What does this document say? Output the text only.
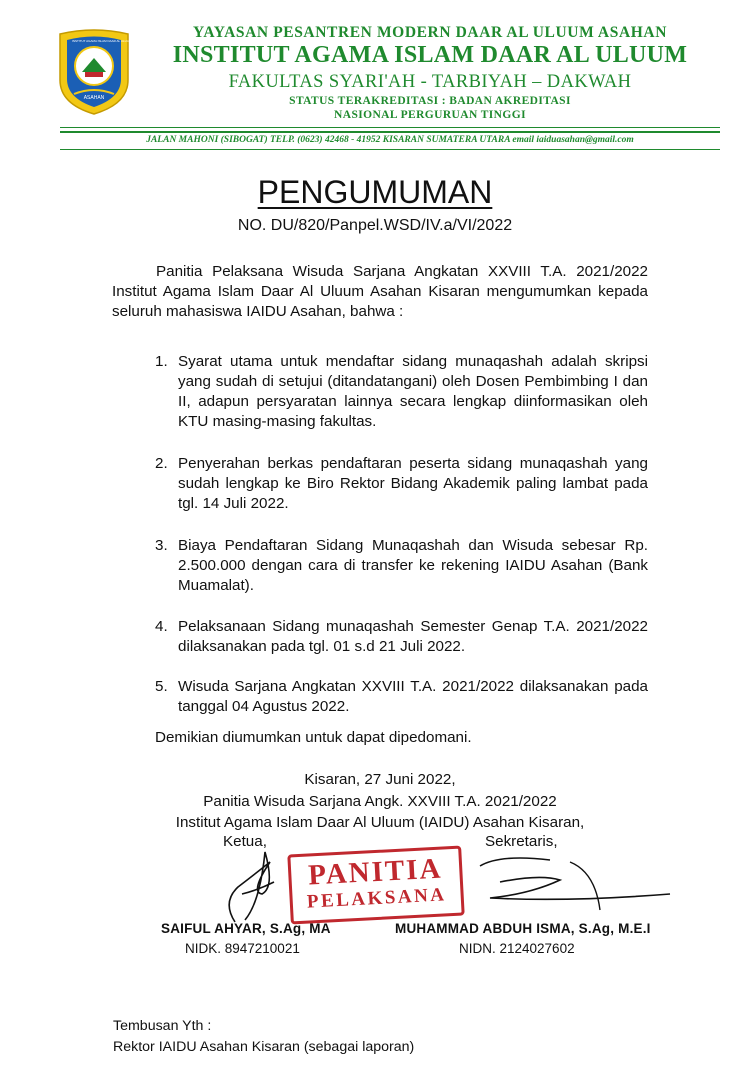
INSTITUT AGAMA ISLAM DAAR AL ULUUM
ASAHAN
YAYASAN PESANTREN MODERN DAAR AL ULUUM ASAHAN
INSTITUT AGAMA ISLAM DAAR AL ULUUM
FAKULTAS SYARI'AH - TARBIYAH – DAKWAH
STATUS TERAKREDITASI : BADAN AKREDITASI
NASIONAL PERGURUAN TINGGI
JALAN MAHONI (SIBOGAT) TELP. (0623) 42468 - 41952 KISARAN SUMATERA UTARA email iaiduasahan@gmail.com
PENGUMUMAN
NO. DU/820/Panpel.WSD/IV.a/VI/2022
Panitia Pelaksana Wisuda Sarjana Angkatan XXVIII T.A. 2021/2022 Institut Agama Islam Daar Al Uluum Asahan Kisaran mengumumkan kepada seluruh mahasiswa IAIDU Asahan, bahwa :
1. Syarat utama untuk mendaftar sidang munaqashah adalah skripsi yang sudah di setujui (ditandatangani) oleh Dosen Pembimbing I dan II, adapun persyaratan lainnya secara lengkap diinformasikan oleh KTU masing-masing fakultas.
2. Penyerahan berkas pendaftaran peserta sidang munaqashah yang sudah lengkap ke Biro Rektor Bidang Akademik paling lambat pada tgl. 14 Juli 2022.
3. Biaya Pendaftaran Sidang Munaqashah dan Wisuda sebesar Rp. 2.500.000 dengan cara di transfer ke rekening IAIDU Asahan (Bank Muamalat).
4. Pelaksanaan Sidang munaqashah Semester Genap T.A. 2021/2022 dilaksanakan pada tgl. 01 s.d 21 Juli 2022.
5. Wisuda Sarjana Angkatan XXVIII T.A. 2021/2022 dilaksanakan pada tanggal 04 Agustus 2022.
Demikian diumumkan untuk dapat dipedomani.
Kisaran, 27 Juni 2022,
Panitia Wisuda Sarjana Angk. XXVIII T.A. 2021/2022
Institut Agama Islam Daar Al Uluum (IAIDU) Asahan Kisaran,
Ketua,	Sekretaris,
PANITIA
PELAKSANA
SAIFUL AHYAR, S.Ag, MA	MUHAMMAD ABDUH ISMA, S.Ag, M.E.I
NIDK. 8947210021	NIDN. 2124027602
Tembusan Yth :
Rektor IAIDU Asahan Kisaran (sebagai laporan)
